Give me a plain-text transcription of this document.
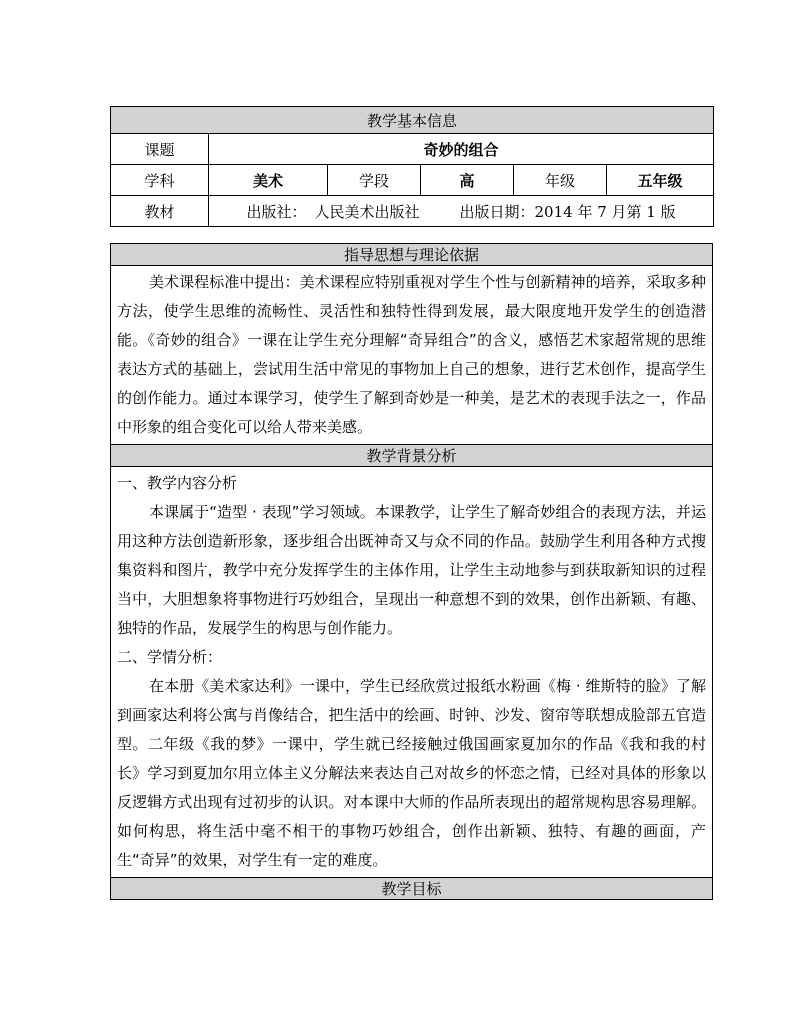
教学基本信息					
课题	奇妙的组合				
学科	美术	学段	高	年级	五年级
教材	出版社： 人民美术出版社 出版日期：2014 年 7 月第 1 版				
指导思想与理论依据

美术课程标准中提出：美术课程应特别重视对学生个性与创新精神的培养，采取多种方法，使学生思维的流畅性、灵活性和独特性得到发展，最大限度地开发学生的创造潜能。《奇妙的组合》一课在让学生充分理解“奇异组合”的含义，感悟艺术家超常规的思维表达方式的基础上，尝试用生活中常见的事物加上自己的想象，进行艺术创作，提高学生的创作能力。通过本课学习，使学生了解到奇妙是一种美，是艺术的表现手法之一，作品中形象的组合变化可以给人带来美感。

教学背景分析

一、教学内容分析

本课属于“造型 · 表现”学习领域。本课教学，让学生了解奇妙组合的表现方法，并运用这种方法创造新形象，逐步组合出既神奇又与众不同的作品。鼓励学生利用各种方式搜集资料和图片，教学中充分发挥学生的主体作用，让学生主动地参与到获取新知识的过程当中，大胆想象将事物进行巧妙组合，呈现出一种意想不到的效果，创作出新颖、有趣、独特的作品，发展学生的构思与创作能力。

二、学情分析：

在本册《美术家达利》一课中，学生已经欣赏过报纸水粉画《梅 · 维斯特的脸》了解到画家达利将公寓与肖像结合，把生活中的绘画、时钟、沙发、窗帘等联想成脸部五官造型。二年级《我的梦》一课中，学生就已经接触过俄国画家夏加尔的作品《我和我的村长》学习到夏加尔用立体主义分解法来表达自己对故乡的怀恋之情，已经对具体的形象以反逻辑方式出现有过初步的认识。对本课中大师的作品所表现出的超常规构思容易理解。如何构思，将生活中毫不相干的事物巧妙组合，创作出新颖、独特、有趣的画面，产生“奇异”的效果，对学生有一定的难度。

教学目标
